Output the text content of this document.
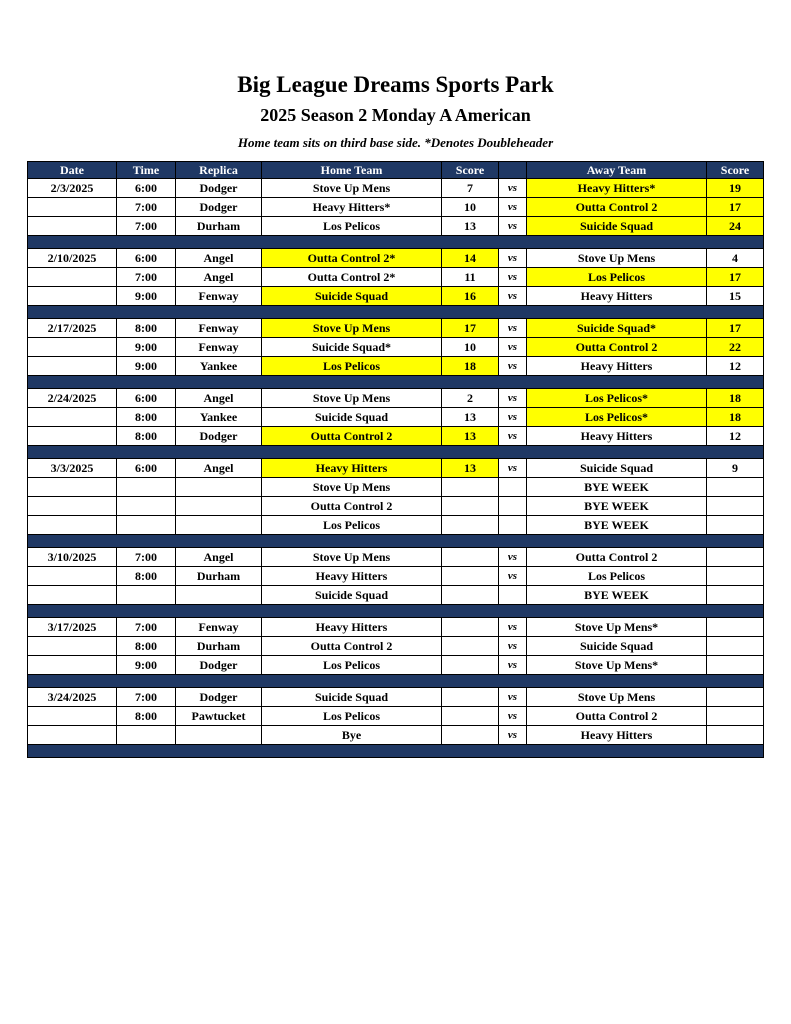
Big League Dreams Sports Park
2025 Season 2 Monday A American
Home team sits on third base side. *Denotes Doubleheader
Date	Time	Replica	Home Team	Score		Away Team	Score
2/3/2025	6:00	Dodger	Stove Up Mens	7	vs	Heavy Hitters*	19
	7:00	Dodger	Heavy Hitters*	10	vs	Outta Control 2	17
	7:00	Durham	Los Pelicos	13	vs	Suicide Squad	24

2/10/2025	6:00	Angel	Outta Control 2*	14	vs	Stove Up Mens	4
	7:00	Angel	Outta Control 2*	11	vs	Los Pelicos	17
	9:00	Fenway	Suicide Squad	16	vs	Heavy Hitters	15

2/17/2025	8:00	Fenway	Stove Up Mens	17	vs	Suicide Squad*	17
	9:00	Fenway	Suicide Squad*	10	vs	Outta Control 2	22
	9:00	Yankee	Los Pelicos	18	vs	Heavy Hitters	12

2/24/2025	6:00	Angel	Stove Up Mens	2	vs	Los Pelicos*	18
	8:00	Yankee	Suicide Squad	13	vs	Los Pelicos*	18
	8:00	Dodger	Outta Control 2	13	vs	Heavy Hitters	12

3/3/2025	6:00	Angel	Heavy Hitters	13	vs	Suicide Squad	9
			Stove Up Mens			BYE WEEK	
			Outta Control 2			BYE WEEK	
			Los Pelicos			BYE WEEK	

3/10/2025	7:00	Angel	Stove Up Mens		vs	Outta Control 2	
	8:00	Durham	Heavy Hitters		vs	Los Pelicos	
			Suicide Squad			BYE WEEK	

3/17/2025	7:00	Fenway	Heavy Hitters		vs	Stove Up Mens*	
	8:00	Durham	Outta Control 2		vs	Suicide Squad	
	9:00	Dodger	Los Pelicos		vs	Stove Up Mens*	

3/24/2025	7:00	Dodger	Suicide Squad		vs	Stove Up Mens	
	8:00	Pawtucket	Los Pelicos		vs	Outta Control 2	
			Bye		vs	Heavy Hitters	
